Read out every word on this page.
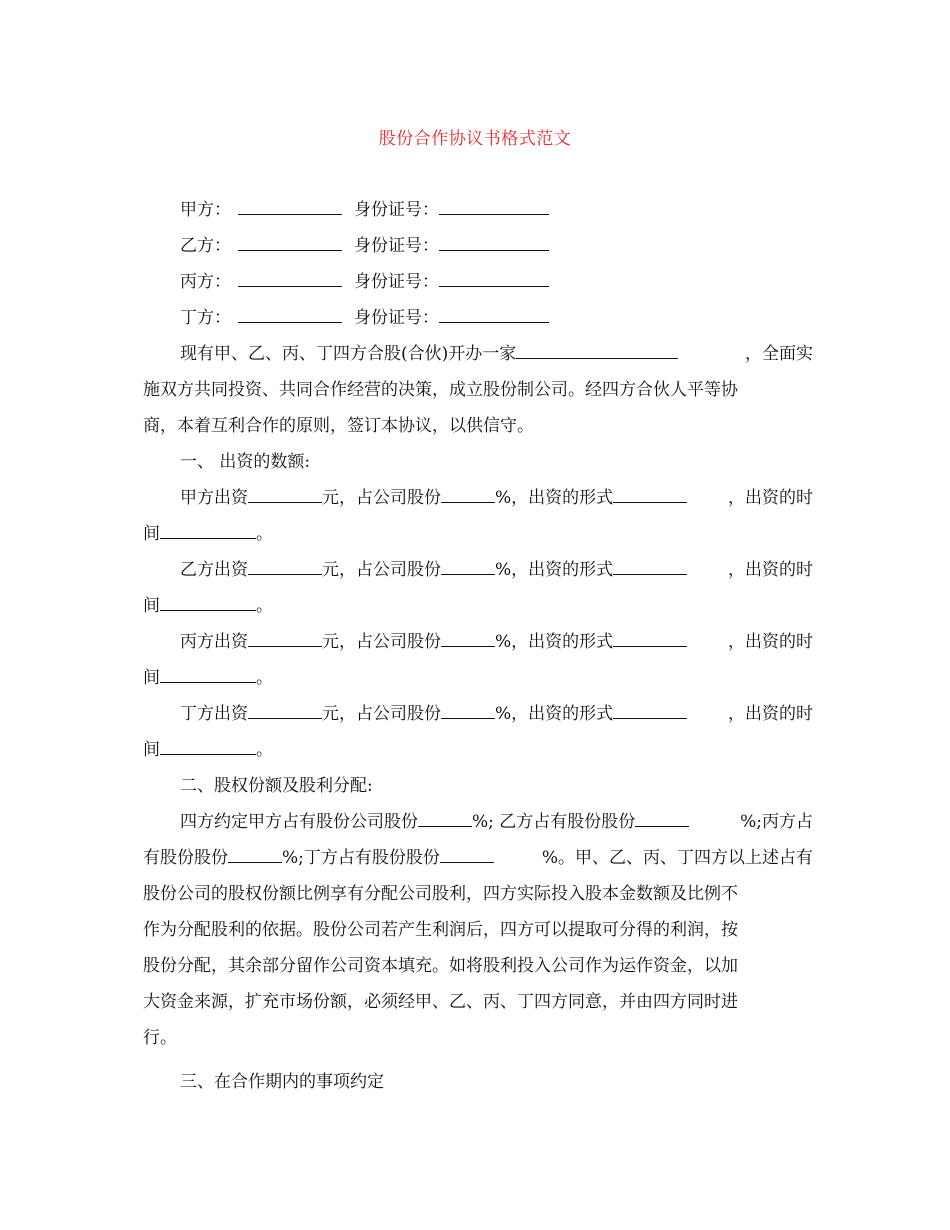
股份合作协议书格式范文
甲方：	身份证号：
乙方：	身份证号：
丙方：	身份证号：
丁方：	身份证号：
现有甲、乙、丙、丁四方合股(合伙)开办一家	，全面实
施双方共同投资、共同合作经营的决策，成立股份制公司。经四方合伙人平等协
商，本着互利合作的原则，签订本协议，以供信守。
一、 出资的数额:
甲方出资	元，占公司股份	%，出资的形式	，出资的时
间	。
乙方出资	元，占公司股份	%，出资的形式	，出资的时
间	。
丙方出资	元，占公司股份	%，出资的形式	，出资的时
间	。
丁方出资	元，占公司股份	%，出资的形式	，出资的时
间	。
二、股权份额及股利分配:
四方约定甲方占有股份公司股份	%; 乙方占有股份股份	%;丙方占
有股份股份	%;丁方占有股份股份	%。甲、乙、丙、丁四方以上述占有
股份公司的股权份额比例享有分配公司股利，四方实际投入股本金数额及比例不
作为分配股利的依据。股份公司若产生利润后，四方可以提取可分得的利润，按
股份分配，其余部分留作公司资本填充。如将股利投入公司作为运作资金，以加
大资金来源，扩充市场份额，必须经甲、乙、丙、丁四方同意，并由四方同时进
行。
三、在合作期内的事项约定
